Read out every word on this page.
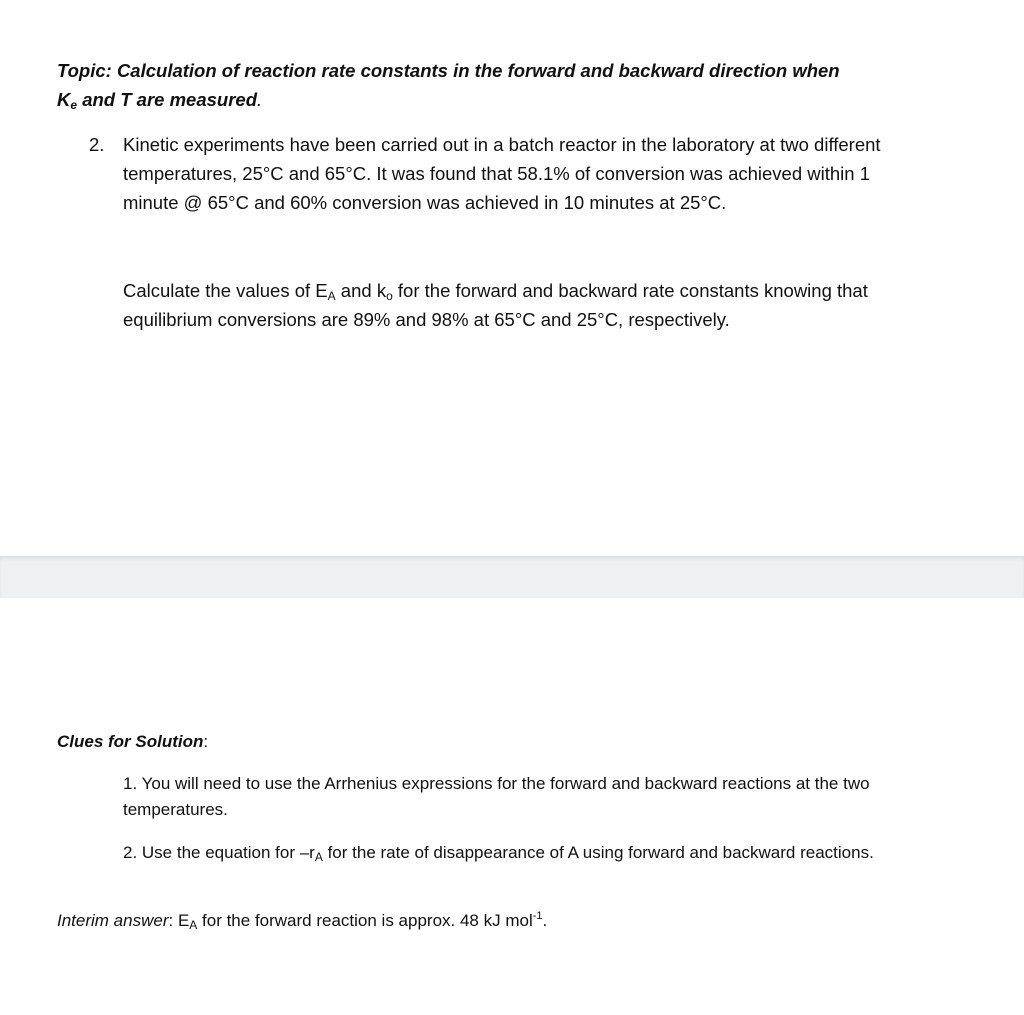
Topic: Calculation of reaction rate constants in the forward and backward direction when
$K_e$ and T are measured.

2. Kinetic experiments have been carried out in a batch reactor in the laboratory at two different temperatures, 25°C and 65°C. It was found that 58.1% of conversion was achieved within 1 minute @ 65°C and 60% conversion was achieved in 10 minutes at 25°C.

Calculate the values of EA and ko for the forward and backward rate constants knowing that equilibrium conversions are 89% and 98% at 65°C and 25°C, respectively.

Clues for Solution:

1. You will need to use the Arrhenius expressions for the forward and backward reactions at the two temperatures.

2. Use the equation for –rA for the rate of disappearance of A using forward and backward reactions.

Interim answer: EA for the forward reaction is approx. 48 kJ mol$^{-1}$.
